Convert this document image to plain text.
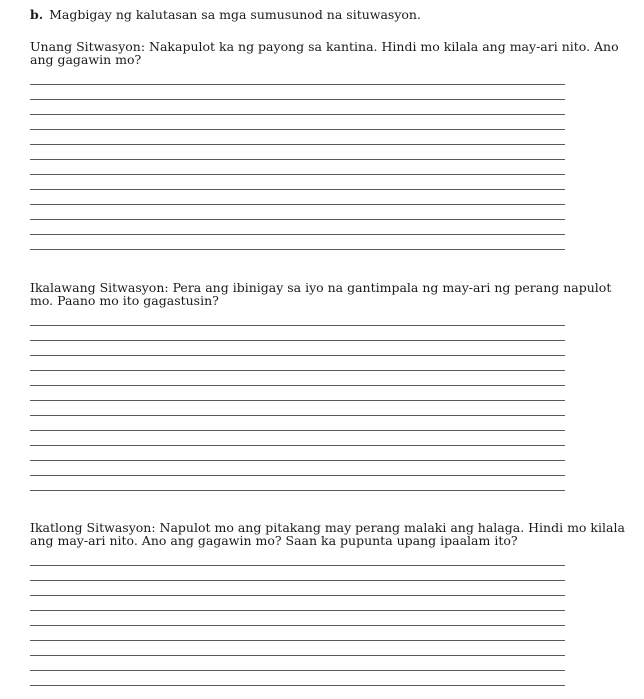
b. Magbigay ng kalutasan sa mga sumusunod na situwasyon.

Unang Sitwasyon: Nakapulot ka ng payong sa kantina. Hindi mo kilala ang may-ari nito. Ano ang gagawin mo?

Ikalawang Sitwasyon: Pera ang ibinigay sa iyo na gantimpala ng may-ari ng perang napulot mo. Paano mo ito gagastusin?

Ikatlong Sitwasyon: Napulot mo ang pitakang may perang malaki ang halaga. Hindi mo kilala ang may-ari nito. Ano ang gagawin mo? Saan ka pupunta upang ipaalam ito?
